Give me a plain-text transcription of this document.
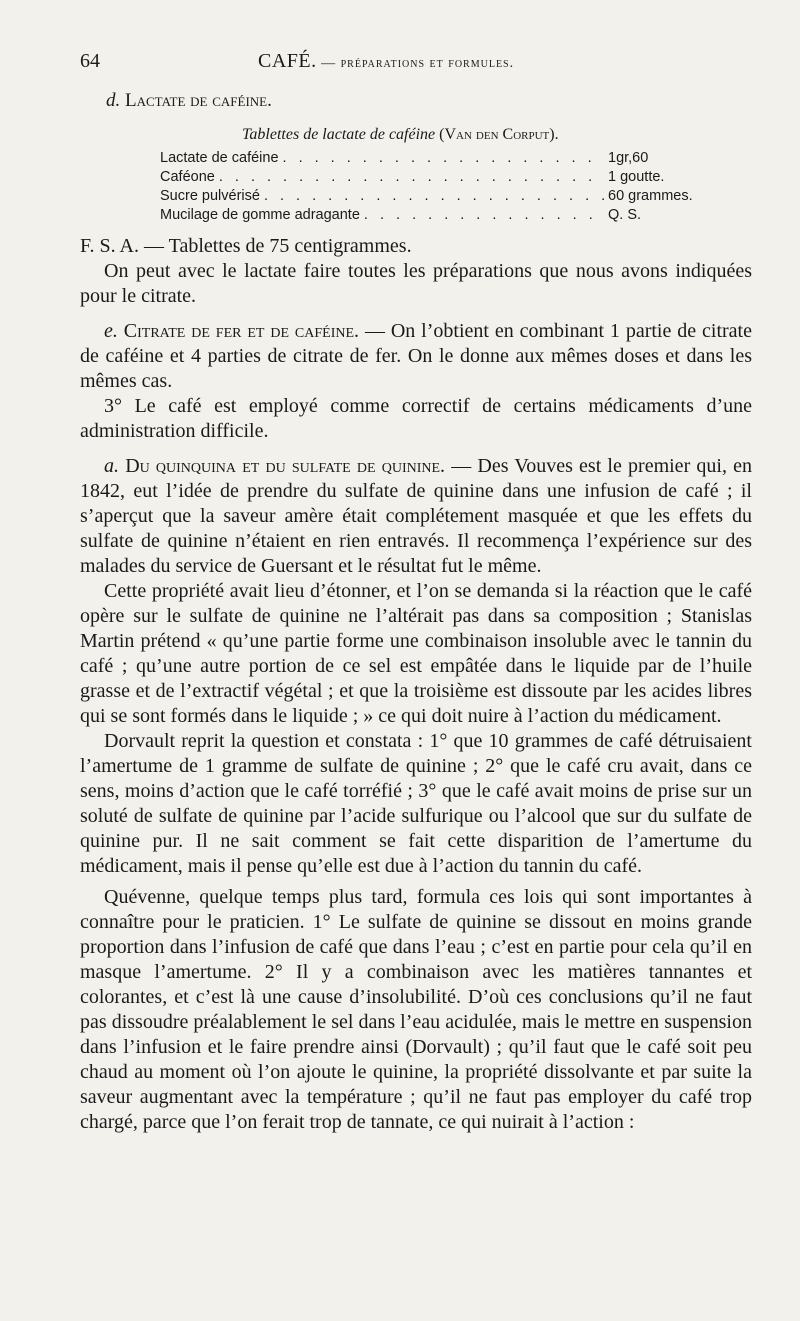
64	CAFÉ. — préparations et formules.
d. Lactate de caféine.
Tablettes de lactate de caféine (Van den Corput).
Lactate de caféine . . .	1gr,60
Caféone . . .	1 goutte.
Sucre pulvérisé . . .	60 grammes.
Mucilage de gomme adragante . . .	Q. S.

F. S. A. — Tablettes de 75 centigrammes.

On peut avec le lactate faire toutes les préparations que nous avons indiquées pour le citrate.

e. Citrate de fer et de caféine. — On l’obtient en combinant 1 partie de citrate de caféine et 4 parties de citrate de fer. On le donne aux mêmes doses et dans les mêmes cas.

3° Le café est employé comme correctif de certains médicaments d’une administration difficile.

a. Du quinquina et du sulfate de quinine. — Des Vouves est le premier qui, en 1842, eut l’idée de prendre du sulfate de quinine dans une infusion de café ; il s’aperçut que la saveur amère était complétement masquée et que les effets du sulfate de quinine n’étaient en rien entravés. Il recommença l’expérience sur des malades du service de Guersant et le résultat fut le même.

Cette propriété avait lieu d’étonner, et l’on se demanda si la réaction que le café opère sur le sulfate de quinine ne l’altérait pas dans sa composition ; Stanislas Martin prétend « qu’une partie forme une combinaison insoluble avec le tannin du café ; qu’une autre portion de ce sel est empâtée dans le liquide par de l’huile grasse et de l’extractif végétal ; et que la troisième est dissoute par les acides libres qui se sont formés dans le liquide ; » ce qui doit nuire à l’action du médicament.

Dorvault reprit la question et constata : 1° que 10 grammes de café détruisaient l’amertume de 1 gramme de sulfate de quinine ; 2° que le café cru avait, dans ce sens, moins d’action que le café torréfié ; 3° que le café avait moins de prise sur un soluté de sulfate de quinine par l’acide sulfurique ou l’alcool que sur du sulfate de quinine pur. Il ne sait comment se fait cette disparition de l’amertume du médicament, mais il pense qu’elle est due à l’action du tannin du café.

Quévenne, quelque temps plus tard, formula ces lois qui sont importantes à connaître pour le praticien. 1° Le sulfate de quinine se dissout en moins grande proportion dans l’infusion de café que dans l’eau ; c’est en partie pour cela qu’il en masque l’amertume. 2° Il y a combinaison avec les matières tannantes et colorantes, et c’est là une cause d’insolubilité. D’où ces conclusions qu’il ne faut pas dissoudre préalablement le sel dans l’eau acidulée, mais le mettre en suspension dans l’infusion et le faire prendre ainsi (Dorvault) ; qu’il faut que le café soit peu chaud au moment où l’on ajoute le quinine, la propriété dissolvante et par suite la saveur augmentant avec la température ; qu’il ne faut pas employer du café trop chargé, parce que l’on ferait trop de tannate, ce qui nuirait à l’action :
